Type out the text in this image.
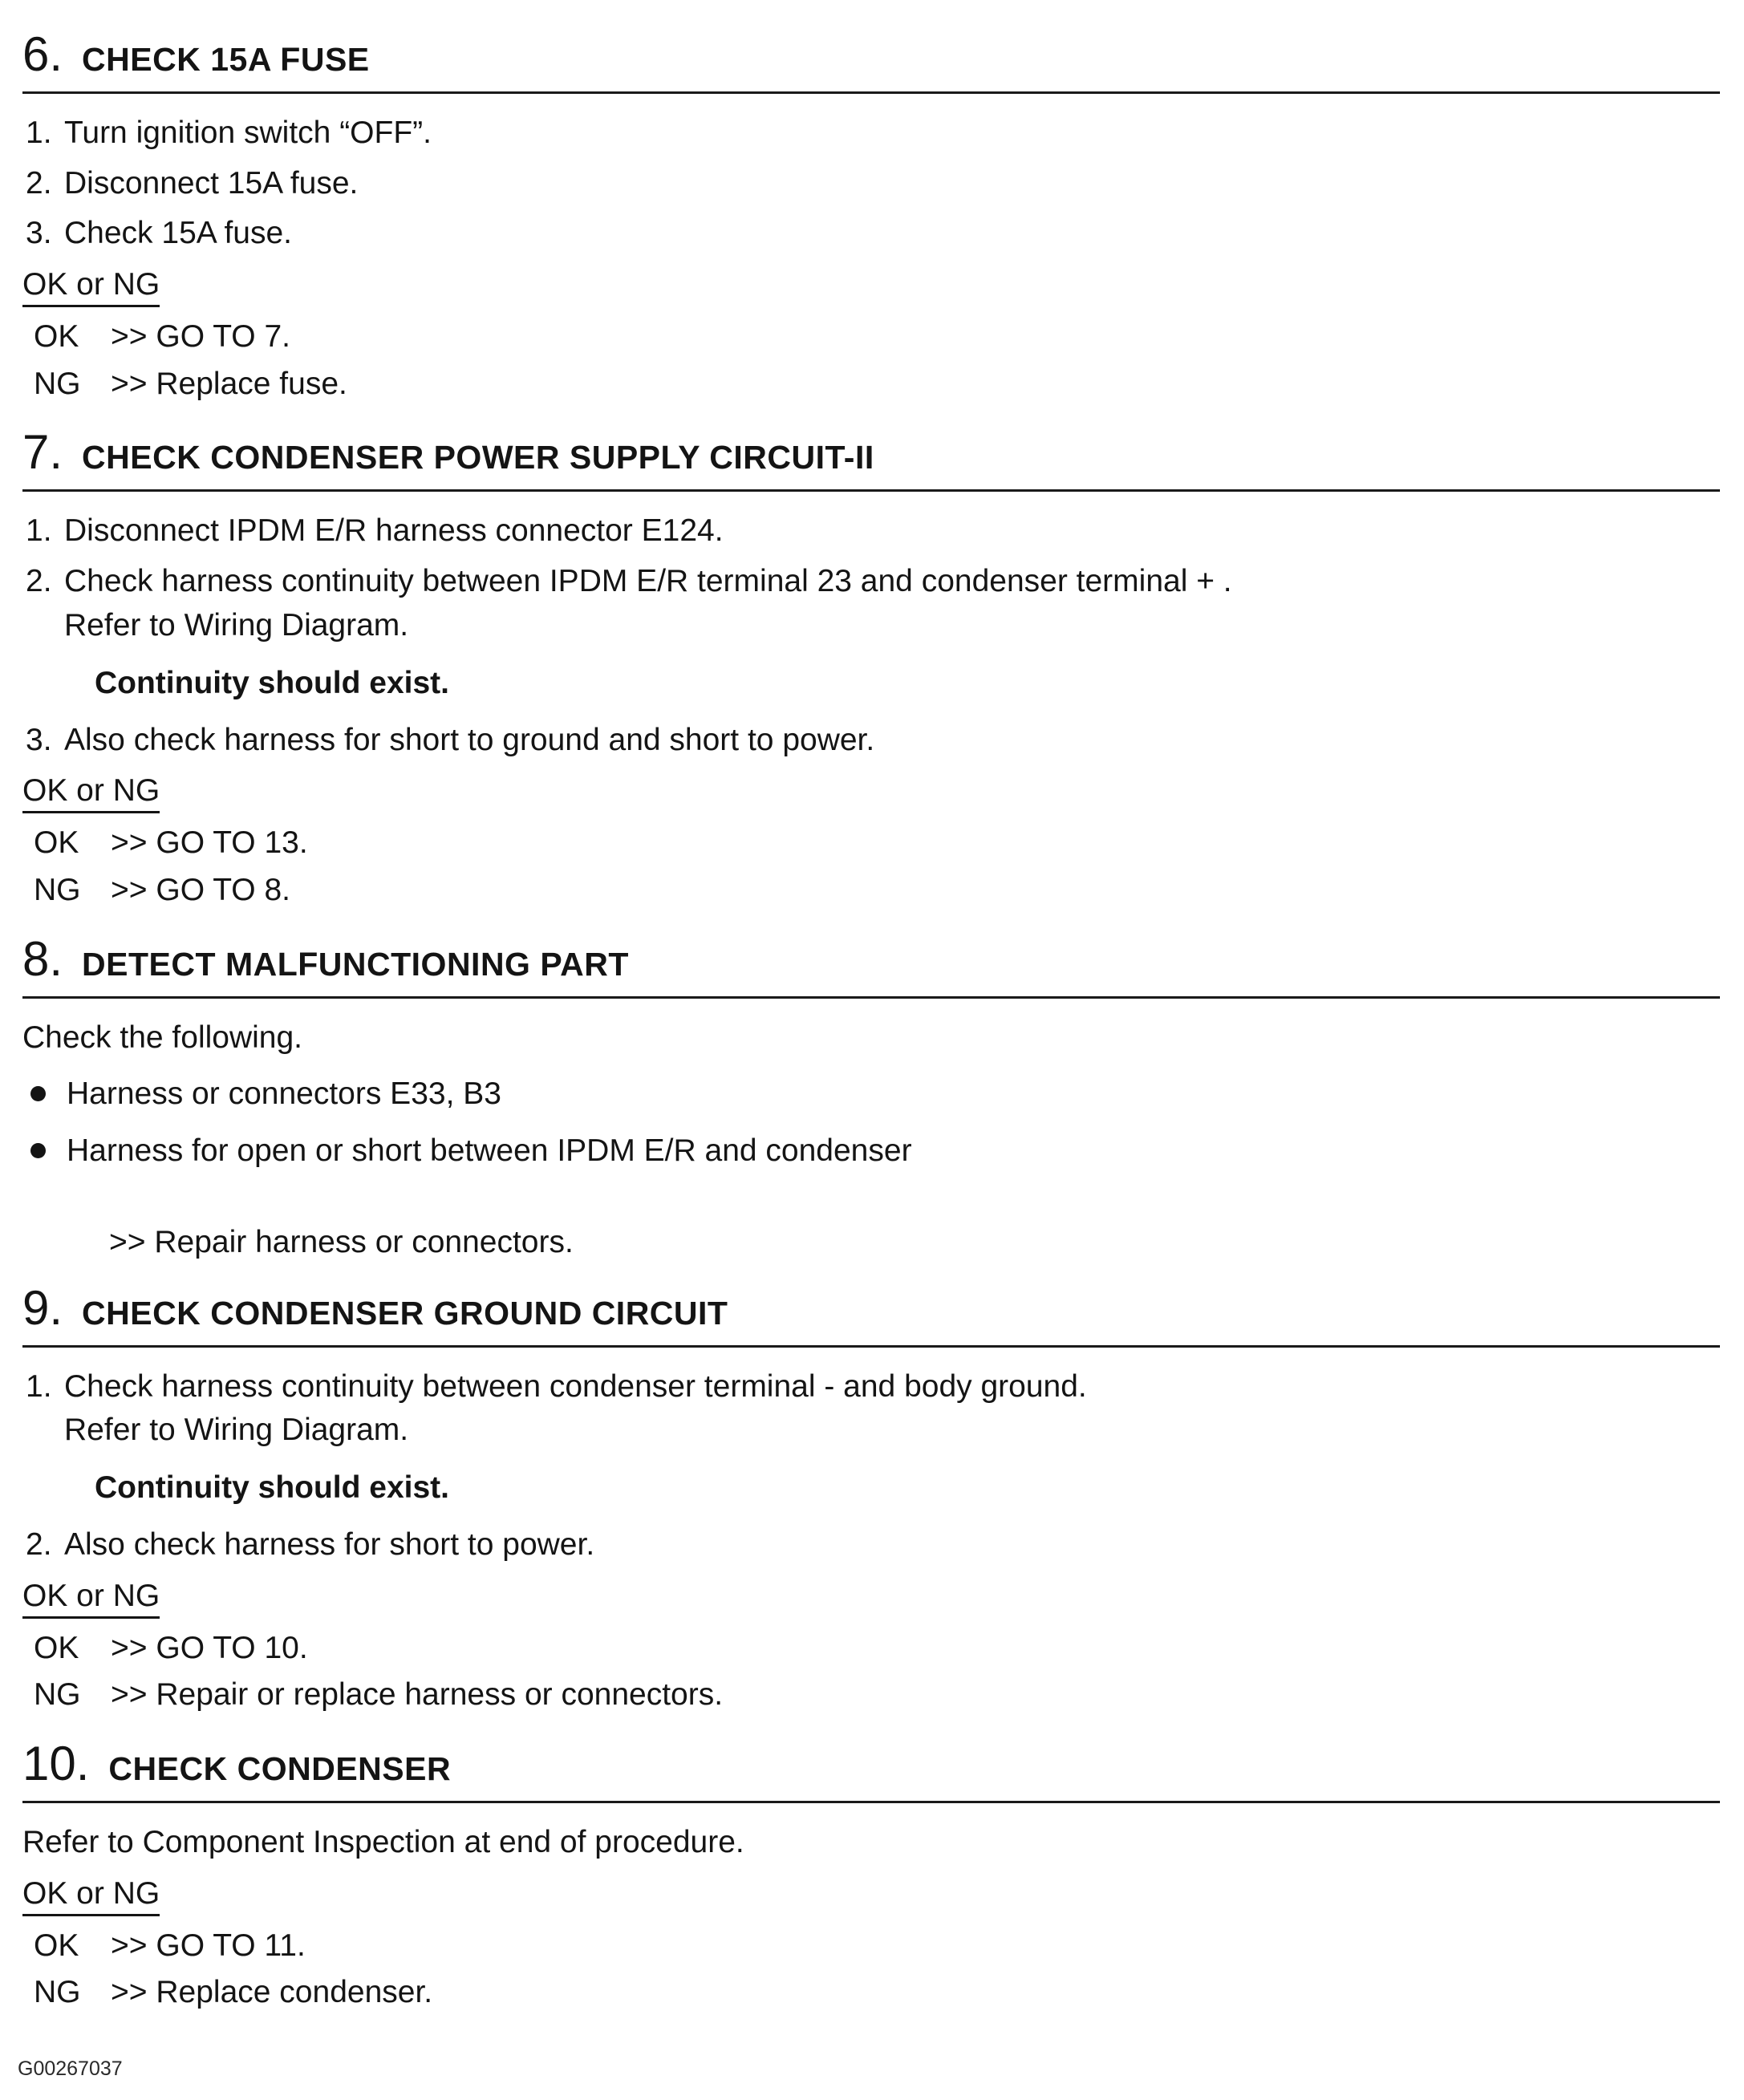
6. CHECK 15A FUSE
1. Turn ignition switch “OFF”.
2. Disconnect 15A fuse.
3. Check 15A fuse.
OK or NG
OK	>> GO TO 7.
NG >> Replace fuse.
7. CHECK CONDENSER POWER SUPPLY CIRCUIT-II
1. Disconnect IPDM E/R harness connector E124.
2. Check harness continuity between IPDM E/R terminal 23 and condenser terminal + .
Refer to Wiring Diagram.
Continuity should exist.
3. Also check harness for short to ground and short to power.
OK or NG
OK	>> GO TO 13.
NG >> GO TO 8.
8. DETECT MALFUNCTIONING PART
Check the following.
Harness or connectors E33, B3
Harness for open or short between IPDM E/R and condenser
>> Repair harness or connectors.
9. CHECK CONDENSER GROUND CIRCUIT
1. Check harness continuity between condenser terminal - and body ground.
Refer to Wiring Diagram.
Continuity should exist.
2. Also check harness for short to power.
OK or NG
OK	>> GO TO 10.
NG >> Repair or replace harness or connectors.
10. CHECK CONDENSER
Refer to Component Inspection at end of procedure.
OK or NG
OK	>> GO TO 11.
NG >> Replace condenser.
G00267037
